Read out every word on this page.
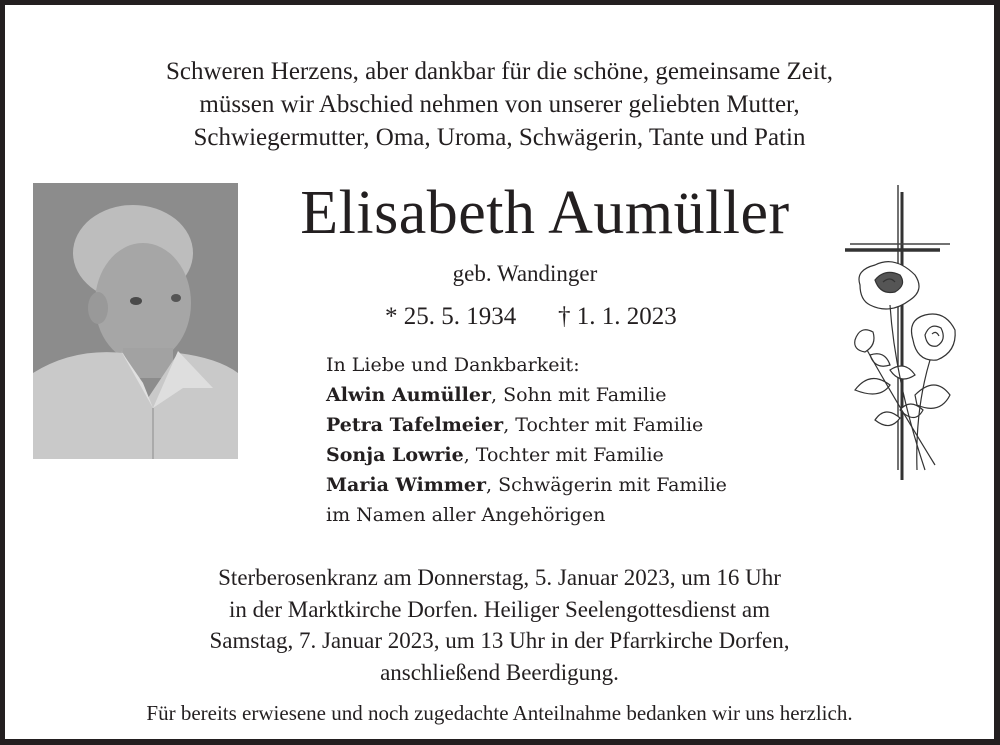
Schweren Herzens, aber dankbar für die schöne, gemeinsame Zeit,
müssen wir Abschied nehmen von unserer geliebten Mutter,
Schwiegermutter, Oma, Uroma, Schwägerin, Tante und Patin
Elisabeth Aumüller
geb. Wandinger
* 25. 5. 1934 † 1. 1. 2023
In Liebe und Dankbarkeit:
Alwin Aumüller, Sohn mit Familie
Petra Tafelmeier, Tochter mit Familie
Sonja Lowrie, Tochter mit Familie
Maria Wimmer, Schwägerin mit Familie
im Namen aller Angehörigen
Sterberosenkranz am Donnerstag, 5. Januar 2023, um 16 Uhr
in der Marktkirche Dorfen. Heiliger Seelengottesdienst am
Samstag, 7. Januar 2023, um 13 Uhr in der Pfarrkirche Dorfen,
anschließend Beerdigung.
Für bereits erwiesene und noch zugedachte Anteilnahme bedanken wir uns herzlich.
